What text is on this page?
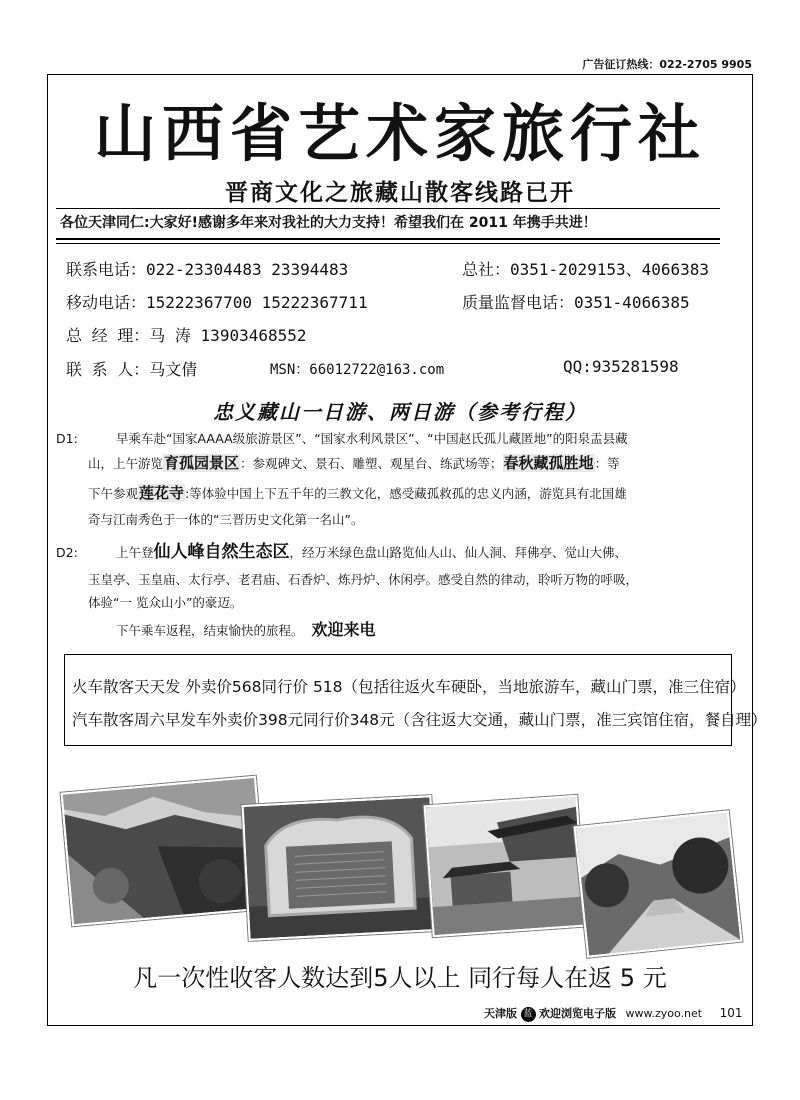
广告征订热线：022-2705 9905
山西省艺术家旅行社
晋商文化之旅藏山散客线路已开
各位天津同仁:大家好!感谢多年来对我社的大力支持！希望我们在 2011 年携手共进！
联系电话：022-23304483 23394483	总社：0351-2029153、4066383
移动电话：15222367700 15222367711	质量监督电话：0351-4066385
总 经 理：马 涛 13903468552
联 系 人：马文倩	MSN：66012722@163.com	QQ:935281598
忠义藏山一日游、两日游（参考行程）
D1:	早乘车赴“国家AAAA级旅游景区”、“国家水利风景区”、“中国赵氏孤儿藏匿地”的阳泉盂县藏
山，上午游览育孤园景区：参观碑文、景石、雕塑、观星台、练武场等；春秋藏孤胜地：等
下午参观莲花寺:等体验中国上下五千年的三教文化，感受藏孤救孤的忠义内涵，游览具有北国雄
奇与江南秀色于一体的“三晋历史文化第一名山”。
D2:	上午登仙人峰自然生态区，经万米绿色盘山路览仙人山、仙人洞、拜佛亭、觉山大佛、
玉皇亭、玉皇庙、太行亭、老君庙、石香炉、炼丹炉、休闲亭。感受自然的律动，聆听万物的呼吸，
体验“一 览众山小”的豪迈。
下午乘车返程，结束愉快的旅程。 欢迎来电
火车散客天天发 外卖价568同行价 518（包括往返火车硬卧，当地旅游车，藏山门票，准三住宿）
汽车散客周六早发车外卖价398元同行价348元（含往返大交通，藏山门票，准三宾馆住宿，餐自理）
凡一次性收客人数达到5人以上 同行每人在返 5 元
天津版 蓝 欢迎浏览电子版 www.zyoo.net 101
